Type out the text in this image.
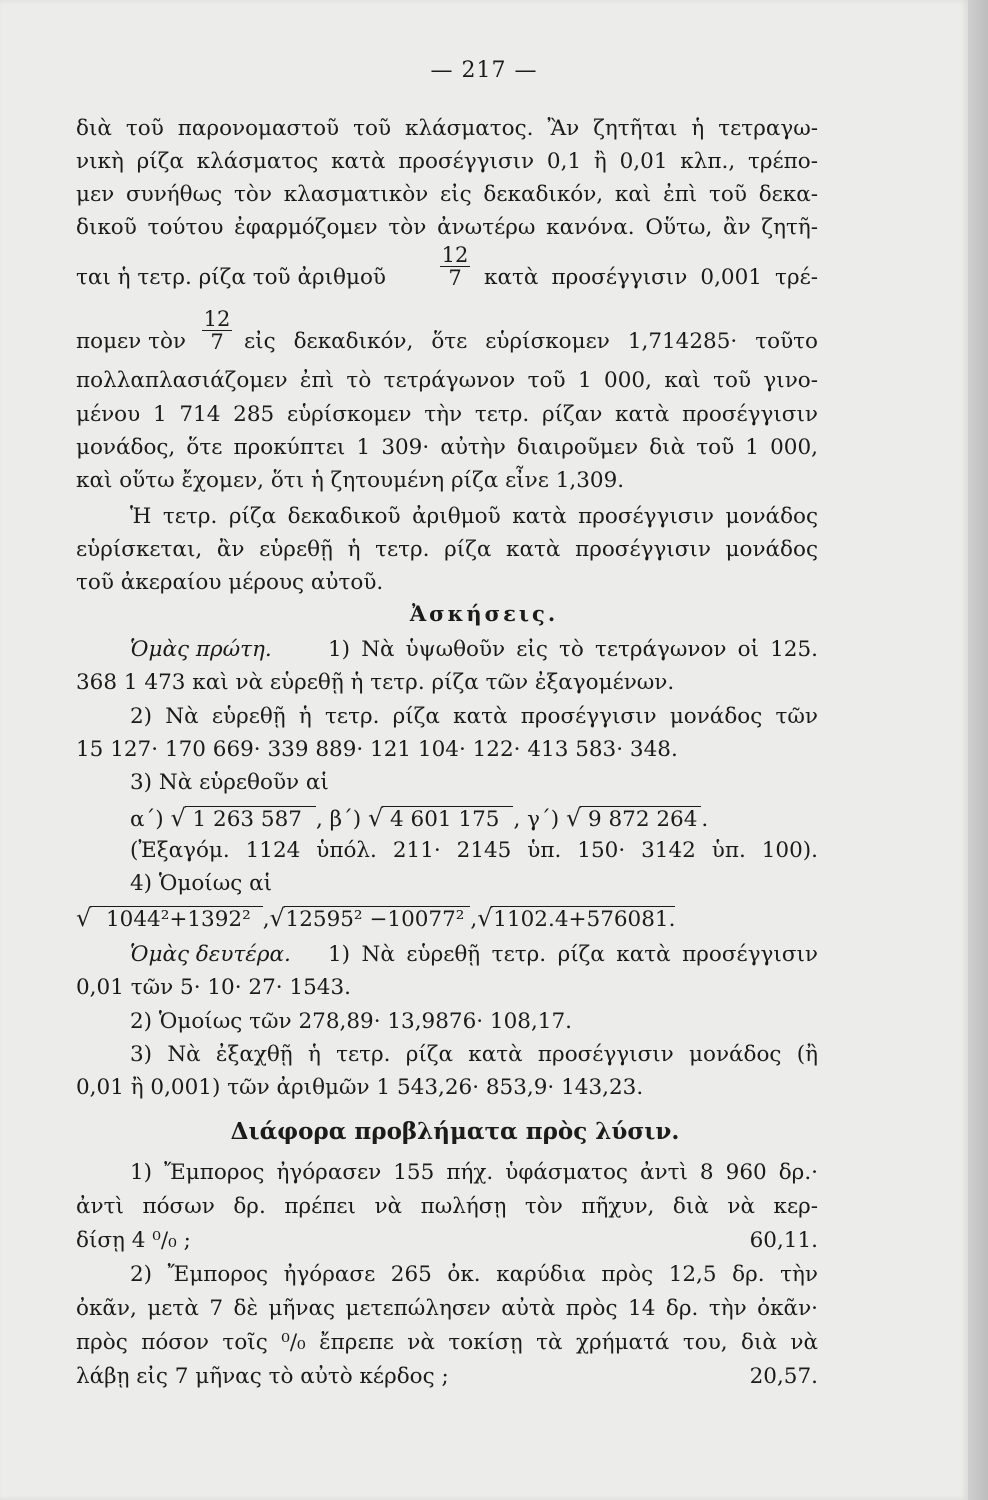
— 217 —
διὰ τοῦ παρονομαστοῦ τοῦ κλάσματος. Ἂν ζητῆται ἡ τετραγω-
νικὴ ρίζα κλάσματος κατὰ προσέγγισιν 0,1 ἢ 0,01 κλπ., τρέπο-
μεν συνήθως τὸν κλασματικὸν εἰς δεκαδικόν, καὶ ἐπὶ τοῦ δεκα-
δικοῦ τούτου ἐφαρμόζομεν τὸν ἀνωτέρω κανόνα. Οὕτω, ἂν ζητῆ-
ται ἡ τετρ. ρίζα τοῦ ἀριθμοῦ	$\frac{12}{7}$ κατὰ προσέγγισιν 0,001 τρέ-
πομεν τὸν $\frac{12}{7}$ εἰς δεκαδικόν, ὅτε εὑρίσκομεν 1,714285· τοῦτο
πολλαπλασιάζομεν ἐπὶ τὸ τετράγωνον τοῦ 1 000, καὶ τοῦ γινο-
μένου 1 714 285 εὑρίσκομεν τὴν τετρ. ρίζαν κατὰ προσέγγισιν
μονάδος, ὅτε προκύπτει 1 309· αὐτὴν διαιροῦμεν διὰ τοῦ 1 000,
καὶ οὕτω ἔχομεν, ὅτι ἡ ζητουμένη ρίζα εἶνε 1,309.
Ἡ τετρ. ρίζα δεκαδικοῦ ἀριθμοῦ κατὰ προσέγγισιν μονάδος
εὑρίσκεται, ἂν εὑρεθῇ ἡ τετρ. ρίζα κατὰ προσέγγισιν μονάδος
τοῦ ἀκεραίου μέρους αὐτοῦ.
Ἀσκήσεις.
Ὁμὰς πρώτη.	1) Νὰ ὑψωθοῦν εἰς τὸ τετράγωνον οἱ 125.
368 1 473 καὶ νὰ εὑρεθῇ ἡ τετρ. ρίζα τῶν ἐξαγομένων.
2) Νὰ εὑρεθῇ ἡ τετρ. ρίζα κατὰ προσέγγισιν μονάδος τῶν
15 127· 170 669· 339 889· 121 104· 122· 413 583· 348.
3) Νὰ εὑρεθοῦν αἱ
α΄) √ 1 263 587 , β΄) √ 4 601 175 , γ΄) √ 9 872 264 .
(Ἐξαγόμ. 1124 ὑπόλ. 211· 2145 ὑπ. 150· 3142 ὑπ. 100).
4) Ὁμοίως αἱ
√ 1044²+1392² ,√12595² −10077² ,√1102.4+576081.
Ὁμὰς δευτέρα.	1) Νὰ εὑρεθῇ τετρ. ρίζα κατὰ προσέγγισιν
0,01 τῶν 5· 10· 27· 1543.
2) Ὁμοίως τῶν 278,89· 13,9876· 108,17.
3) Νὰ ἐξαχθῇ ἡ τετρ. ρίζα κατὰ προσέγγισιν μονάδος (ἢ
0,01 ἢ 0,001) τῶν ἀριθμῶν 1 543,26· 853,9· 143,23.
Διάφορα προβλήματα πρὸς λύσιν.
1) Ἔμπορος ἠγόρασεν 155 πήχ. ὑφάσματος ἀντὶ 8 960 δρ.·
ἀντὶ πόσων δρ. πρέπει νὰ πωλήσῃ τὸν πῆχυν, διὰ νὰ κερ-
δίσῃ 4 ⁰/₀ ;	60,11.
2) Ἔμπορος ἠγόρασε 265 ὀκ. καρύδια πρὸς 12,5 δρ. τὴν
ὀκᾶν, μετὰ 7 δὲ μῆνας μετεπώλησεν αὐτὰ πρὸς 14 δρ. τὴν ὀκᾶν·
πρὸς πόσον τοῖς ⁰/₀ ἔπρεπε νὰ τοκίσῃ τὰ χρήματά του, διὰ νὰ
λάβῃ εἰς 7 μῆνας τὸ αὐτὸ κέρδος ;	20,57.
